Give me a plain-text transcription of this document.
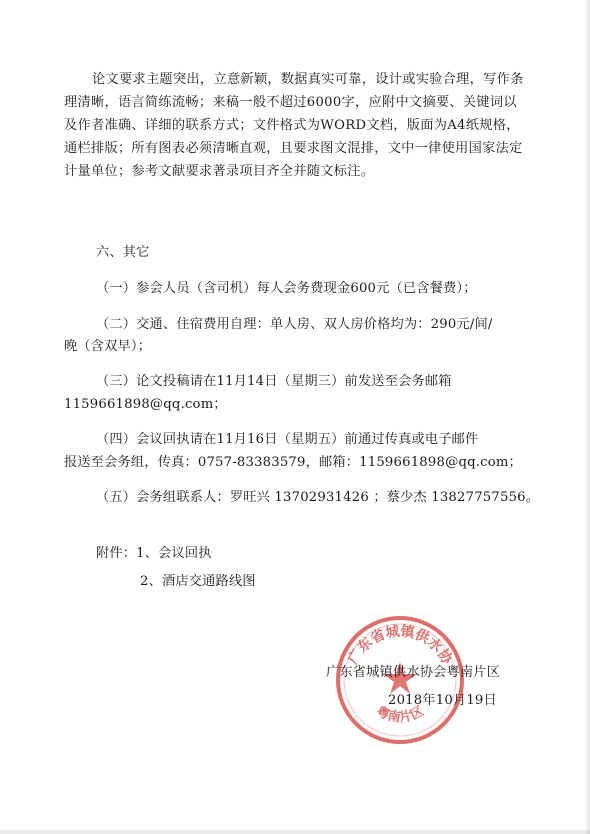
论文要求主题突出，立意新颖，数据真实可靠，设计或实验合理，写作条理清晰，语言简练流畅；来稿一般不超过6000字，应附中文摘要、关键词以及作者准确、详细的联系方式；文件格式为WORD文档，版面为A4纸规格，通栏排版；所有图表必须清晰直观，且要求图文混排，文中一律使用国家法定计量单位；参考文献要求著录项目齐全并随文标注。
六、其它
（一）参会人员（含司机）每人会务费现金600元（已含餐费）；
（二）交通、住宿费用自理：单人房、双人房价格均为：290元/间/
晚（含双早）；
（三）论文投稿请在11月14日（星期三）前发送至会务邮箱
1159661898@qq.com；
（四）会议回执请在11月16日（星期五）前通过传真或电子邮件
报送至会务组，传真：0757-83383579，邮箱：1159661898@qq.com；
（五）会务组联系人：罗旺兴 13702931426 ；蔡少杰 13827757556。
附件：1、会议回执
2、酒店交通路线图
广东省城镇供水协
粤南片区
广东省城镇供水协会粤南片区
2018年10月19日
